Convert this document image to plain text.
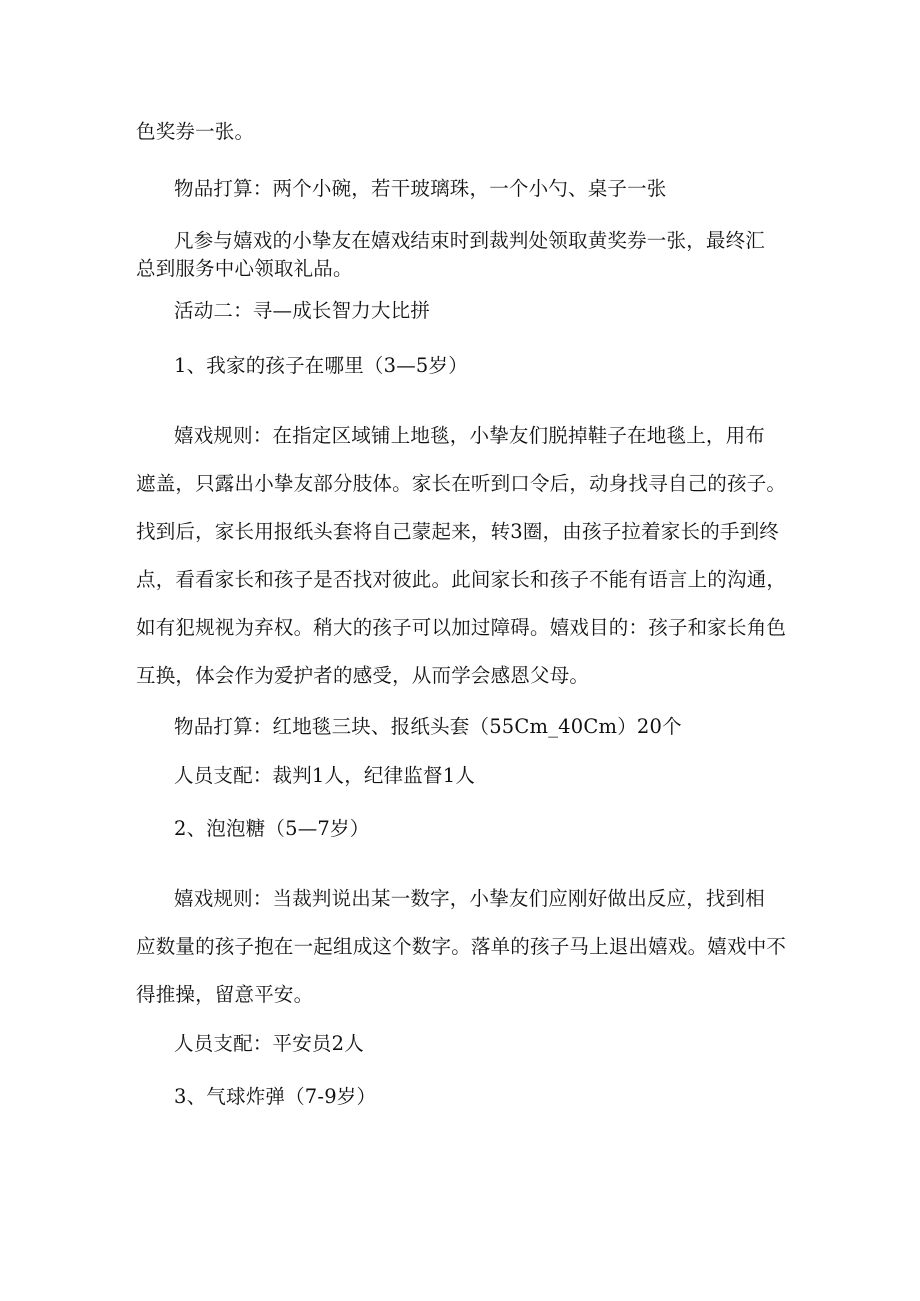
色奖券一张。
物品打算：两个小碗，若干玻璃珠，一个小勺、桌子一张
凡参与嬉戏的小挚友在嬉戏结束时到裁判处领取黄奖券一张，最终汇
总到服务中心领取礼品。
活动二：寻—成长智力大比拼
1、我家的孩子在哪里（3—5岁）
嬉戏规则：在指定区域铺上地毯，小挚友们脱掉鞋子在地毯上，用布
遮盖，只露出小挚友部分肢体。家长在听到口令后，动身找寻自己的孩子。
找到后，家长用报纸头套将自己蒙起来，转3圈，由孩子拉着家长的手到终
点，看看家长和孩子是否找对彼此。此间家长和孩子不能有语言上的沟通，
如有犯规视为弃权。稍大的孩子可以加过障碍。嬉戏目的：孩子和家长角色
互换，体会作为爱护者的感受，从而学会感恩父母。
物品打算：红地毯三块、报纸头套（55Cm_40Cm）20个
人员支配：裁判1人，纪律监督1人
2、泡泡糖（5—7岁）
嬉戏规则：当裁判说出某一数字，小挚友们应刚好做出反应，找到相
应数量的孩子抱在一起组成这个数字。落单的孩子马上退出嬉戏。嬉戏中不
得推操，留意平安。
人员支配：平安员2人
3、气球炸弹（7-9岁）
